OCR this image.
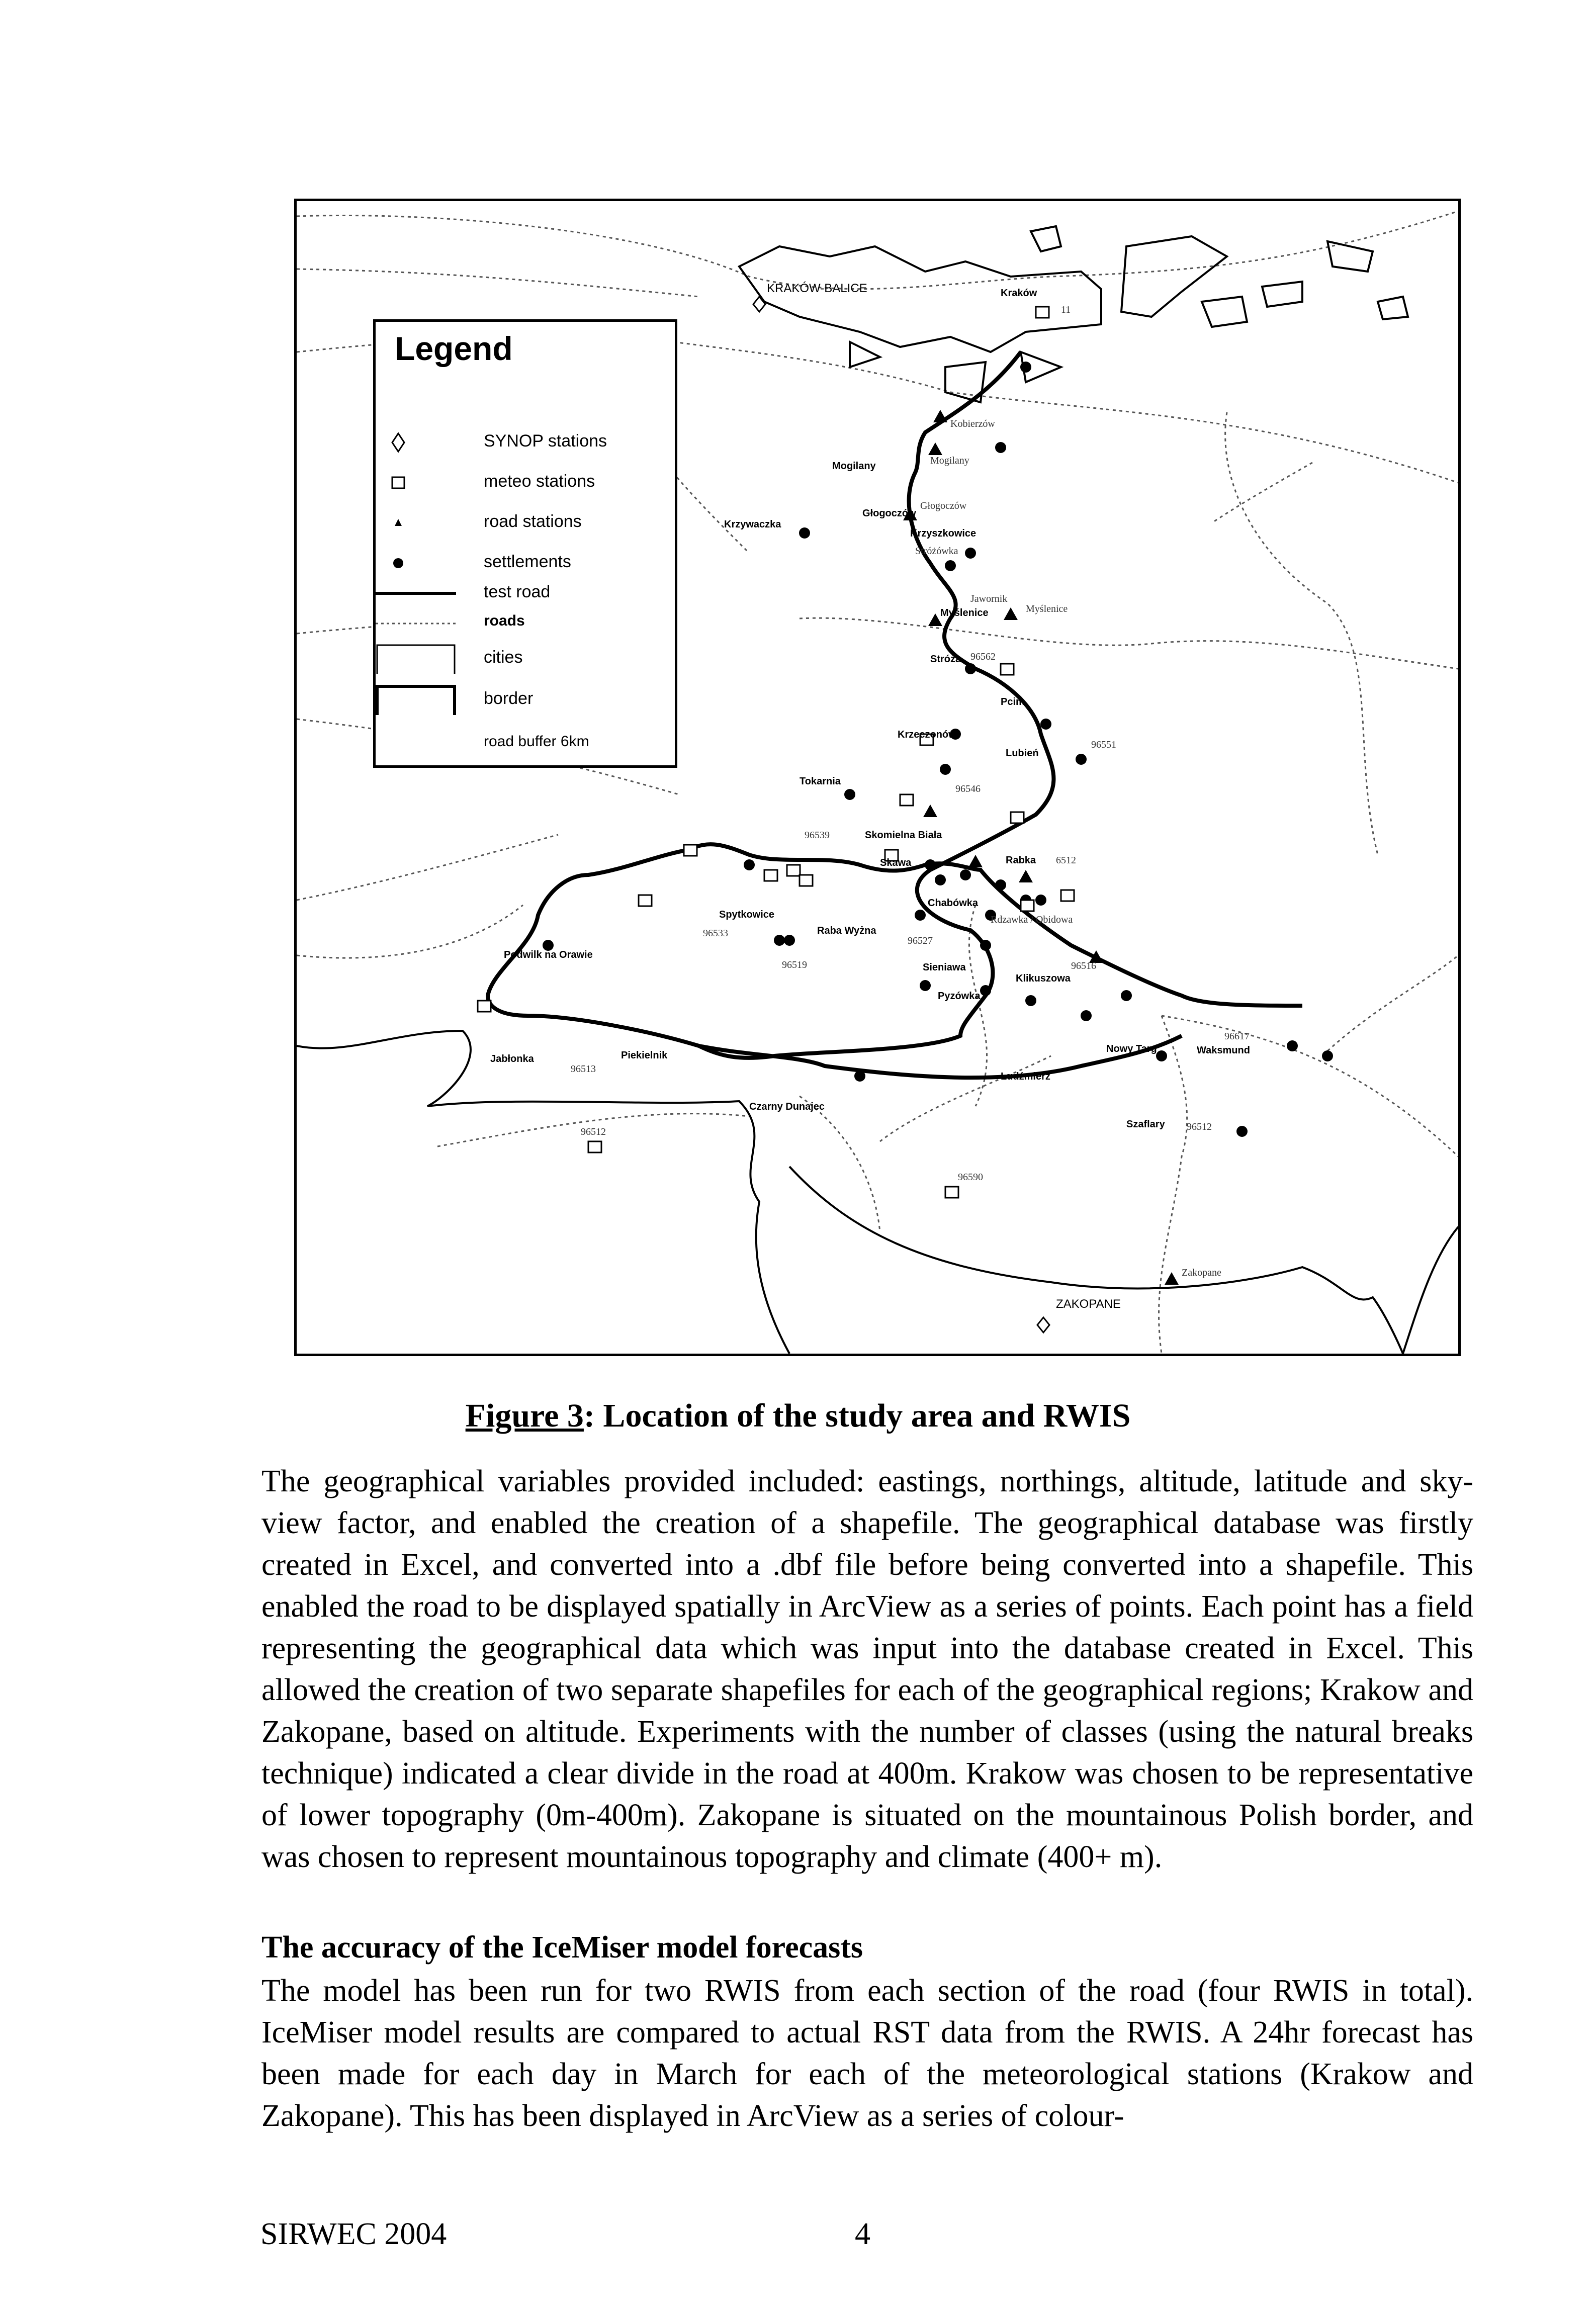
Legend
SYNOP stations
meteo stations
road stations
settlements
test road
roads
cities
border
road buffer 6km
KRAKÓW-BALICE	Kraków
11
Kobierzów
Mogilany	Mogilany
Krzywaczka
Głogoczów
Głogoczów
Krzyszkowice
Stróżówka
Jawornik
Myślenice	Myślenice
Stróża 96562
Pcim
Krzeczonów
Lubień
96551
Tokarnia
96546
96539	Skomielna Biała
Skawa	Rabka 6512
Chabówka
Spytkowice
96533	Raba Wyżna
96527
Rdzawka / Obidowa
Podwilk na Orawie
96519	Sieniawa
Klikuszowa
96516
Pyzówka
Jabłonka
96513
Piekielnik
Nowy Targ
96617
Waksmund
Ludźmierz
Czarny Dunajec
96512
Szaflary 96512
96590
Zakopane
ZAKOPANE
Figure 3: Location of the study area and RWIS

The geographical variables provided included: eastings, northings, altitude, latitude and sky-view factor, and enabled the creation of a shapefile. The geographical database was firstly created in Excel, and converted into a .dbf file before being converted into a shapefile. This enabled the road to be displayed spatially in ArcView as a series of points. Each point has a field representing the geographical data which was input into the database created in Excel. This allowed the creation of two separate shapefiles for each of the geographical regions; Krakow and Zakopane, based on altitude. Experiments with the number of classes (using the natural breaks technique) indicated a clear divide in the road at 400m. Krakow was chosen to be representative of lower topography (0m-400m). Zakopane is situated on the mountainous Polish border, and was chosen to represent mountainous topography and climate (400+ m).

The accuracy of the IceMiser model forecasts
The model has been run for two RWIS from each section of the road (four RWIS in total). IceMiser model results are compared to actual RST data from the RWIS. A 24hr forecast has been made for each day in March for each of the meteorological stations (Krakow and Zakopane). This has been displayed in ArcView as a series of colour-
SIRWEC 2004	4
